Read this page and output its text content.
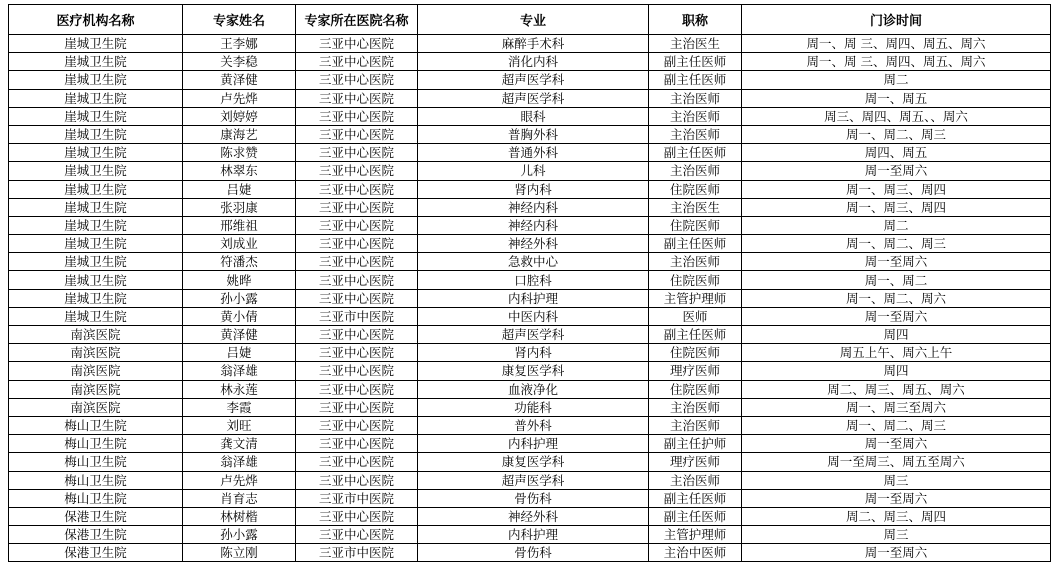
医疗机构名称	专家姓名	专家所在医院名称	专业	职称	门诊时间
崖城卫生院	王李娜	三亚中心医院	麻醉手术科	主治医生	周一、周 三、周四、周五、周六
崖城卫生院	关李稳	三亚中心医院	消化内科	副主任医师	周一、周 三、周四、周五、周六
崖城卫生院	黄泽健	三亚中心医院	超声医学科	副主任医师	周二
崖城卫生院	卢先烨	三亚中心医院	超声医学科	主治医师	周一、周五
崖城卫生院	刘婷婷	三亚中心医院	眼科	主治医师	周三、周四、周五、、周六
崖城卫生院	康海艺	三亚中心医院	普胸外科	主治医师	周一、周二、周三
崖城卫生院	陈求赞	三亚中心医院	普通外科	副主任医师	周四、周五
崖城卫生院	林翠东	三亚中心医院	儿科	主治医师	周一至周六
崖城卫生院	吕婕	三亚中心医院	肾内科	住院医师	周一、周三、周四
崖城卫生院	张羽康	三亚中心医院	神经内科	主治医生	周一、周三、周四
崖城卫生院	邢维祖	三亚中心医院	神经内科	住院医师	周二
崖城卫生院	刘成业	三亚中心医院	神经外科	副主任医师	周一、周二、周三
崖城卫生院	符潘杰	三亚中心医院	急救中心	主治医师	周一至周六
崖城卫生院	姚晔	三亚中心医院	口腔科	住院医师	周一、周二
崖城卫生院	孙小露	三亚中心医院	内科护理	主管护理师	周一、周二、周六
崖城卫生院	黄小倩	三亚市中医院	中医内科	医师	周一至周六
南滨医院	黄泽健	三亚中心医院	超声医学科	副主任医师	周四
南滨医院	吕婕	三亚中心医院	肾内科	住院医师	周五上午、周六上午
南滨医院	翁泽雄	三亚中心医院	康复医学科	理疗医师	周四
南滨医院	林永莲	三亚中心医院	血液净化	住院医师	周二、周三、周五、周六
南滨医院	李霞	三亚中心医院	功能科	主治医师	周一、周三至周六
梅山卫生院	刘旺	三亚中心医院	普外科	主治医师	周一、周二、周三
梅山卫生院	龚文清	三亚中心医院	内科护理	副主任护师	周一至周六
梅山卫生院	翁泽雄	三亚中心医院	康复医学科	理疗医师	周一至周三、周五至周六
梅山卫生院	卢先烨	三亚中心医院	超声医学科	主治医师	周三
梅山卫生院	肖育志	三亚市中医院	骨伤科	副主任医师	周一至周六
保港卫生院	林树楷	三亚中心医院	神经外科	副主任医师	周二、周三、周四
保港卫生院	孙小露	三亚中心医院	内科护理	主管护理师	周三
保港卫生院	陈立刚	三亚市中医院	骨伤科	主治中医师	周一至周六
